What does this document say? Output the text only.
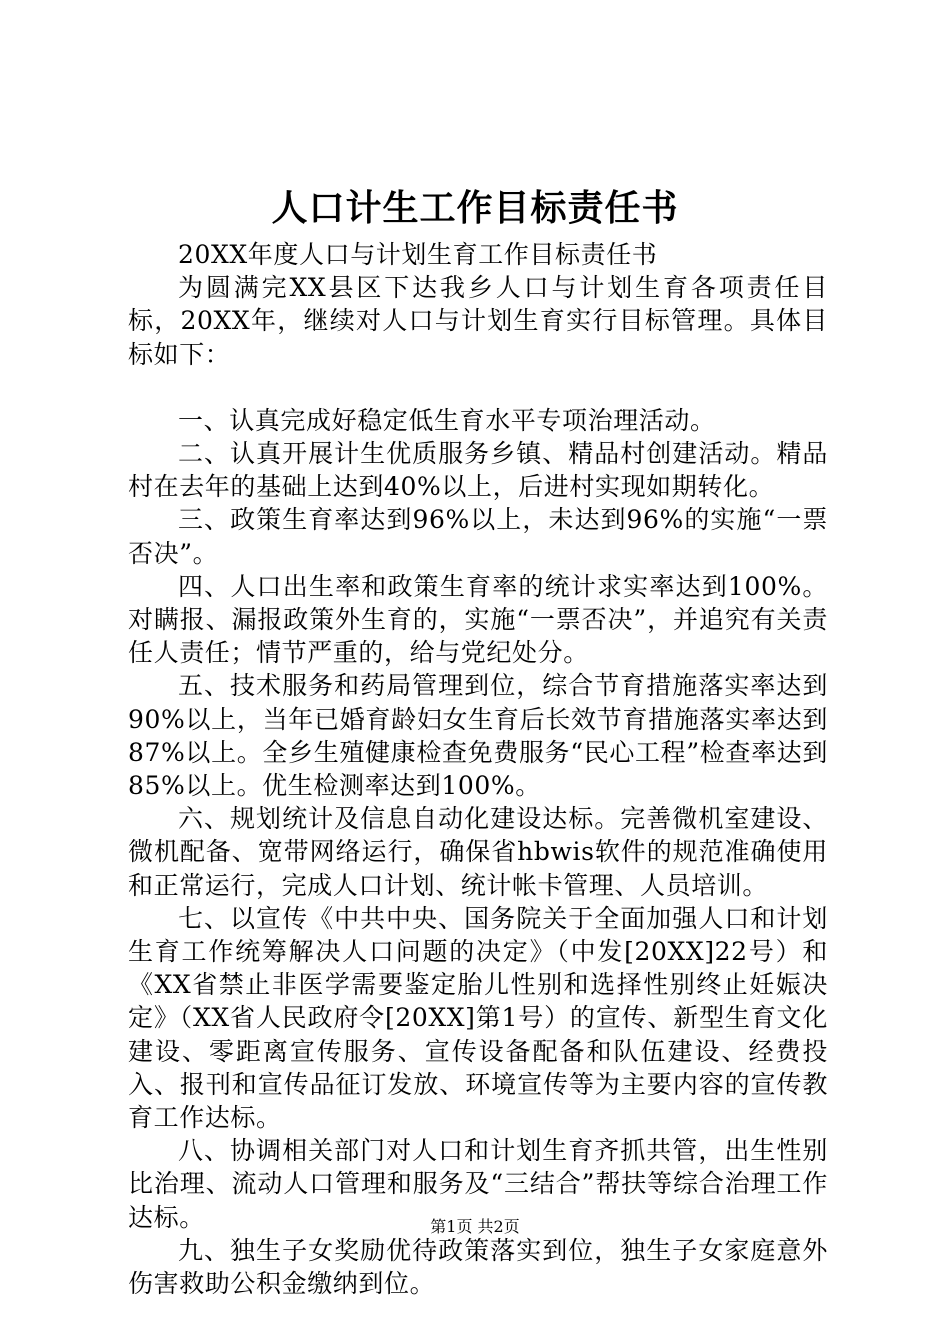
人口计生工作目标责任书

20XX年度人口与计划生育工作目标责任书

为圆满完XX县区下达我乡人口与计划生育各项责任目标，20XX年，继续对人口与计划生育实行目标管理。具体目标如下：

一、认真完成好稳定低生育水平专项治理活动。

二、认真开展计生优质服务乡镇、精品村创建活动。精品村在去年的基础上达到40%以上，后进村实现如期转化。

三、政策生育率达到96%以上，未达到96%的实施“一票否决”。

四、人口出生率和政策生育率的统计求实率达到100%。对瞒报、漏报政策外生育的，实施“一票否决”，并追究有关责任人责任；情节严重的，给与党纪处分。

五、技术服务和药局管理到位，综合节育措施落实率达到90%以上，当年已婚育龄妇女生育后长效节育措施落实率达到87%以上。全乡生殖健康检查免费服务“民心工程”检查率达到85%以上。优生检测率达到100%。

六、规划统计及信息自动化建设达标。完善微机室建设、微机配备、宽带网络运行，确保省hbwis软件的规范准确使用和正常运行，完成人口计划、统计帐卡管理、人员培训。

七、以宣传《中共中央、国务院关于全面加强人口和计划生育工作统筹解决人口问题的决定》（中发[20XX]22号）和《XX省禁止非医学需要鉴定胎儿性别和选择性别终止妊娠决定》（XX省人民政府令[20XX]第1号）的宣传、新型生育文化建设、零距离宣传服务、宣传设备配备和队伍建设、经费投入、报刊和宣传品征订发放、环境宣传等为主要内容的宣传教育工作达标。

八、协调相关部门对人口和计划生育齐抓共管，出生性别比治理、流动人口管理和服务及“三结合”帮扶等综合治理工作达标。

九、独生子女奖励优待政策落实到位，独生子女家庭意外伤害救助公积金缴纳到位。

第1页 共2页
